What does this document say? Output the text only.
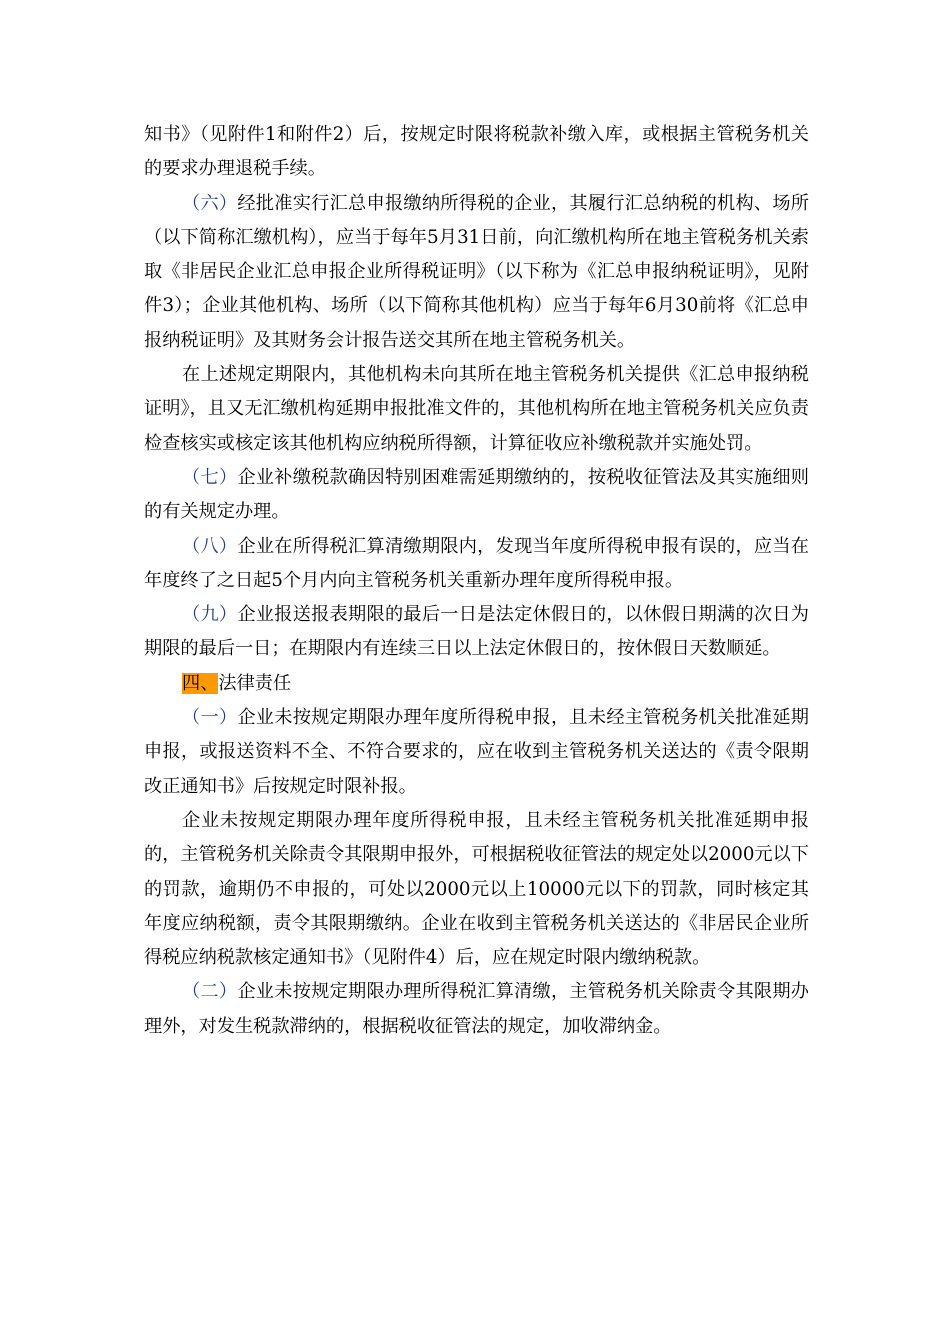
知书》（见附件1和附件2）后，按规定时限将税款补缴入库，或根据主管税务机关的要求办理退税手续。

（六）经批准实行汇总申报缴纳所得税的企业，其履行汇总纳税的机构、场所（以下简称汇缴机构），应当于每年5月31日前，向汇缴机构所在地主管税务机关索取《非居民企业汇总申报企业所得税证明》（以下称为《汇总申报纳税证明》，见附件3）；企业其他机构、场所（以下简称其他机构）应当于每年6月30前将《汇总申报纳税证明》及其财务会计报告送交其所在地主管税务机关。

在上述规定期限内，其他机构未向其所在地主管税务机关提供《汇总申报纳税证明》，且又无汇缴机构延期申报批准文件的，其他机构所在地主管税务机关应负责检查核实或核定该其他机构应纳税所得额，计算征收应补缴税款并实施处罚。

（七）企业补缴税款确因特别困难需延期缴纳的，按税收征管法及其实施细则的有关规定办理。

（八）企业在所得税汇算清缴期限内，发现当年度所得税申报有误的，应当在年度终了之日起5个月内向主管税务机关重新办理年度所得税申报。

（九）企业报送报表期限的最后一日是法定休假日的，以休假日期满的次日为期限的最后一日；在期限内有连续三日以上法定休假日的，按休假日天数顺延。

四、法律责任

（一）企业未按规定期限办理年度所得税申报，且未经主管税务机关批准延期申报，或报送资料不全、不符合要求的，应在收到主管税务机关送达的《责令限期改正通知书》后按规定时限补报。

企业未按规定期限办理年度所得税申报，且未经主管税务机关批准延期申报的，主管税务机关除责令其限期申报外，可根据税收征管法的规定处以2000元以下的罚款，逾期仍不申报的，可处以2000元以上10000元以下的罚款，同时核定其年度应纳税额，责令其限期缴纳。企业在收到主管税务机关送达的《非居民企业所得税应纳税款核定通知书》（见附件4）后，应在规定时限内缴纳税款。

（二）企业未按规定期限办理所得税汇算清缴，主管税务机关除责令其限期办理外，对发生税款滞纳的，根据税收征管法的规定，加收滞纳金。
